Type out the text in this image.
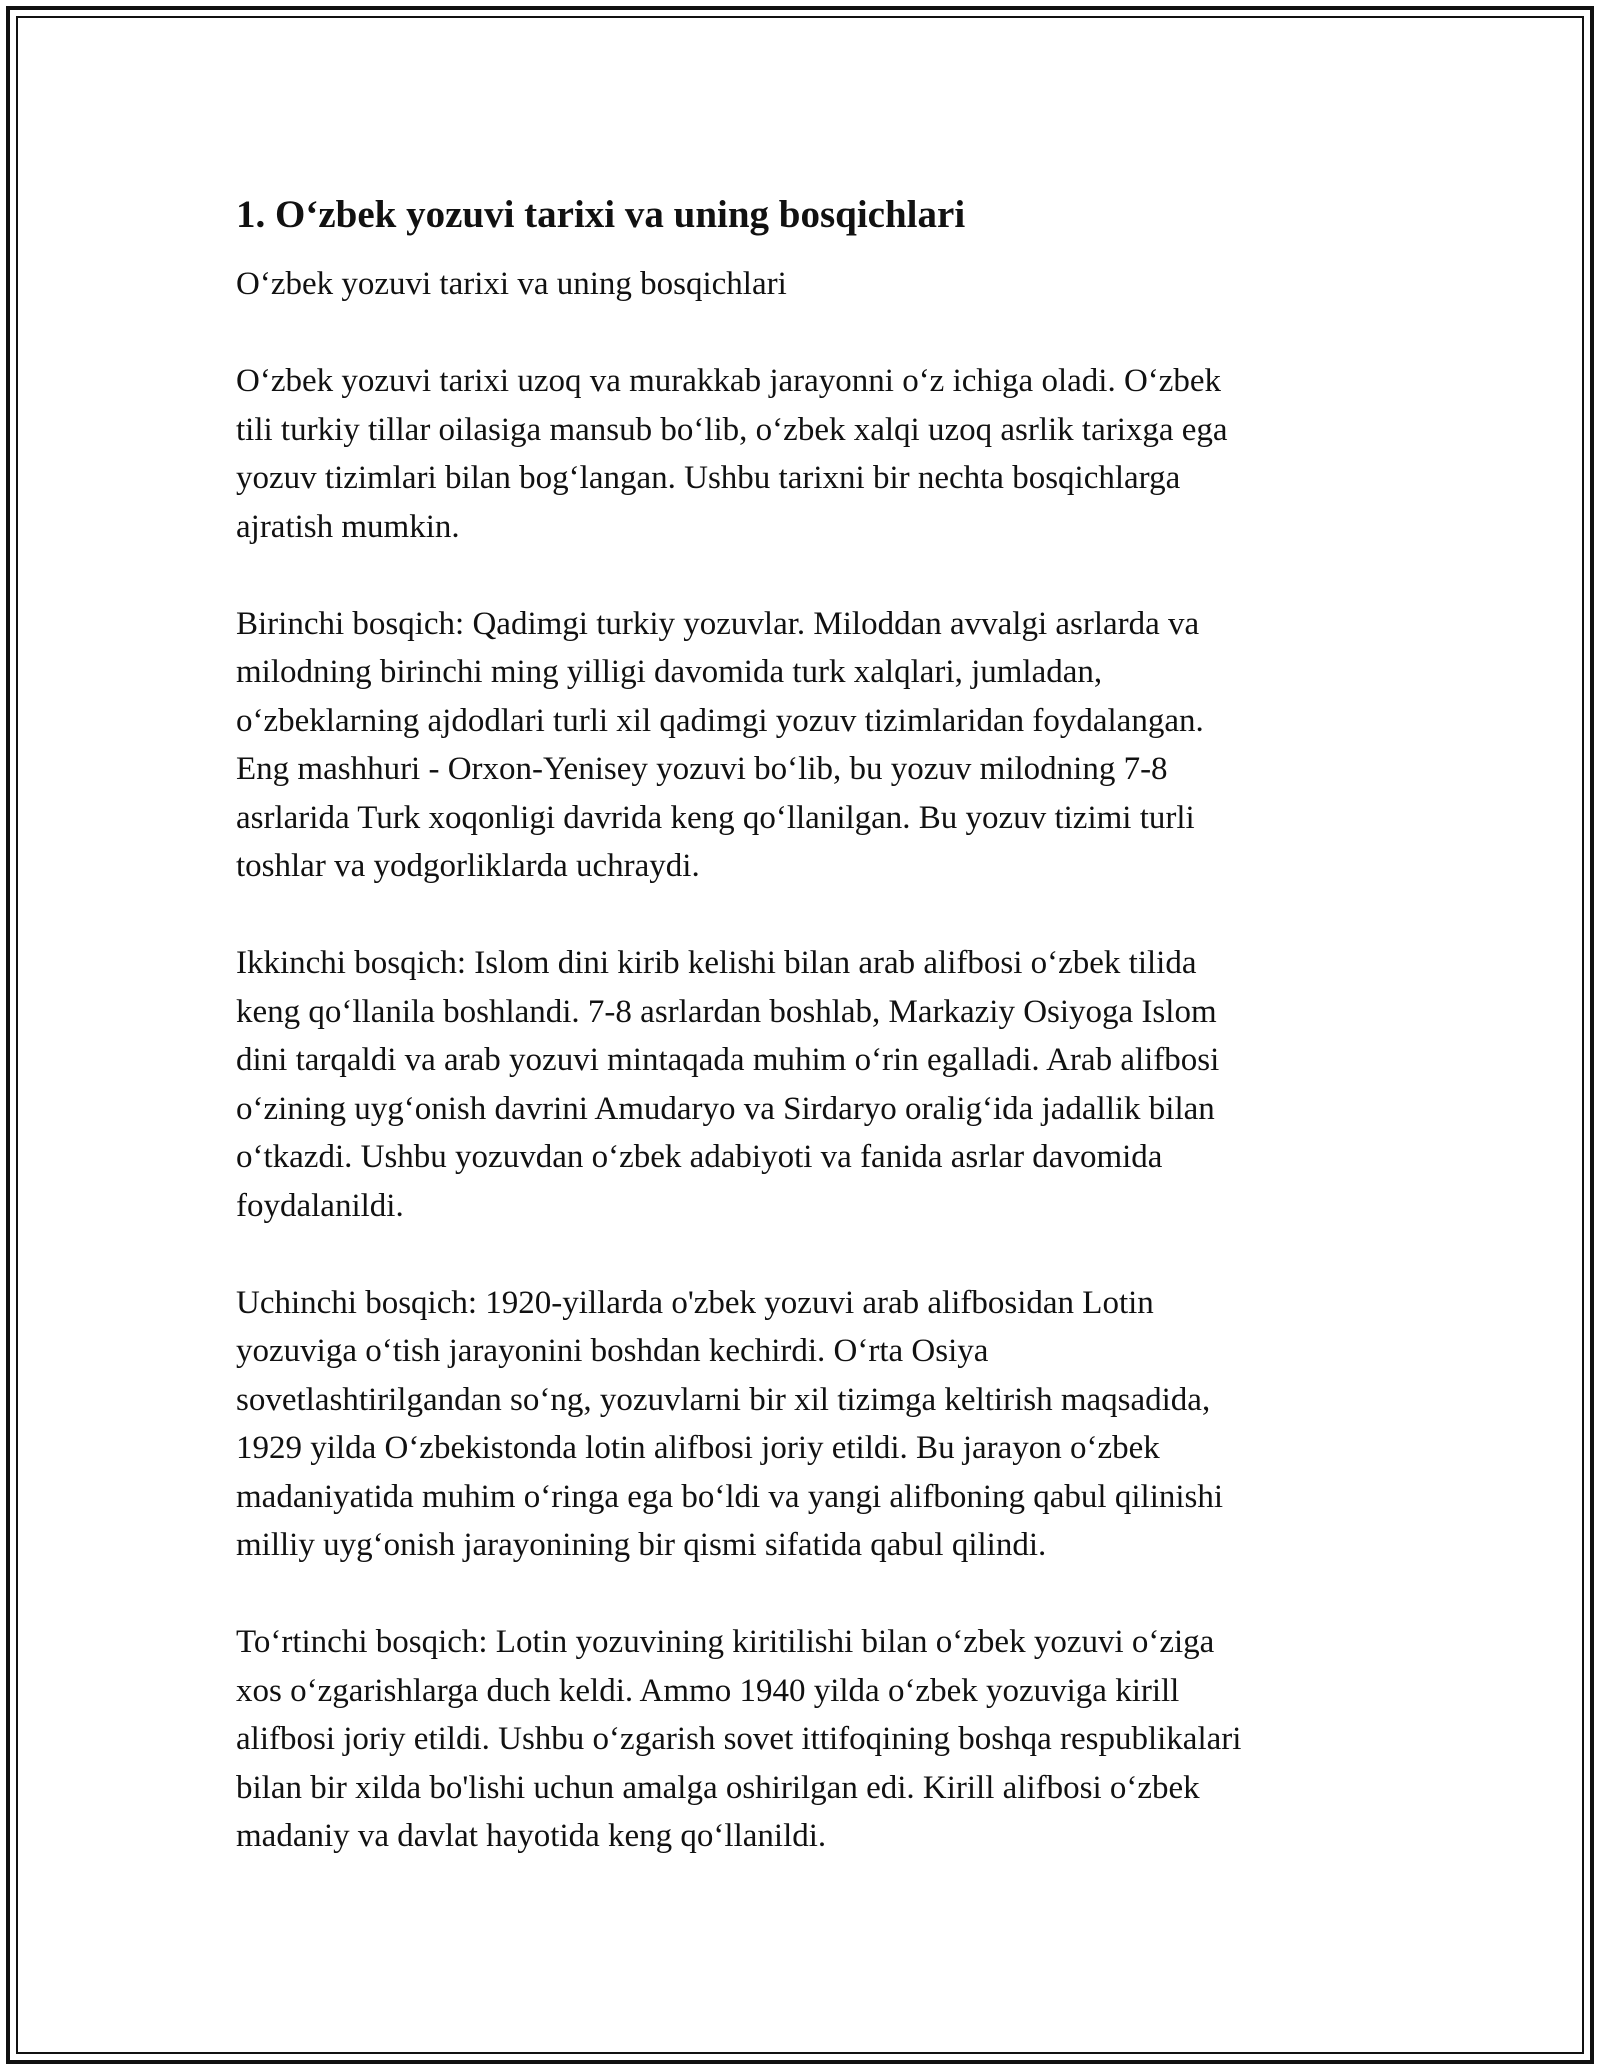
1. O‘zbek yozuvi tarixi va uning bosqichlari

O‘zbek yozuvi tarixi va uning bosqichlari

O‘zbek yozuvi tarixi uzoq va murakkab jarayonni o‘z ichiga oladi. O‘zbek
tili turkiy tillar oilasiga mansub bo‘lib, o‘zbek xalqi uzoq asrlik tarixga ega
yozuv tizimlari bilan bog‘langan. Ushbu tarixni bir nechta bosqichlarga
ajratish mumkin.

Birinchi bosqich: Qadimgi turkiy yozuvlar. Miloddan avvalgi asrlarda va
milodning birinchi ming yilligi davomida turk xalqlari, jumladan,
o‘zbeklarning ajdodlari turli xil qadimgi yozuv tizimlaridan foydalangan.
Eng mashhuri - Orxon-Yenisey yozuvi bo‘lib, bu yozuv milodning 7-8
asrlarida Turk xoqonligi davrida keng qo‘llanilgan. Bu yozuv tizimi turli
toshlar va yodgorliklarda uchraydi.

Ikkinchi bosqich: Islom dini kirib kelishi bilan arab alifbosi o‘zbek tilida
keng qo‘llanila boshlandi. 7-8 asrlardan boshlab, Markaziy Osiyoga Islom
dini tarqaldi va arab yozuvi mintaqada muhim o‘rin egalladi. Arab alifbosi
o‘zining uyg‘onish davrini Amudaryo va Sirdaryo oralig‘ida jadallik bilan
o‘tkazdi. Ushbu yozuvdan o‘zbek adabiyoti va fanida asrlar davomida
foydalanildi.

Uchinchi bosqich: 1920-yillarda o'zbek yozuvi arab alifbosidan Lotin
yozuviga o‘tish jarayonini boshdan kechirdi. O‘rta Osiya
sovetlashtirilgandan so‘ng, yozuvlarni bir xil tizimga keltirish maqsadida,
1929 yilda O‘zbekistonda lotin alifbosi joriy etildi. Bu jarayon o‘zbek
madaniyatida muhim o‘ringa ega bo‘ldi va yangi alifboning qabul qilinishi
milliy uyg‘onish jarayonining bir qismi sifatida qabul qilindi.

To‘rtinchi bosqich: Lotin yozuvining kiritilishi bilan o‘zbek yozuvi o‘ziga
xos o‘zgarishlarga duch keldi. Ammo 1940 yilda o‘zbek yozuviga kirill
alifbosi joriy etildi. Ushbu o‘zgarish sovet ittifoqining boshqa respublikalari
bilan bir xilda bo'lishi uchun amalga oshirilgan edi. Kirill alifbosi o‘zbek
madaniy va davlat hayotida keng qo‘llanildi.
